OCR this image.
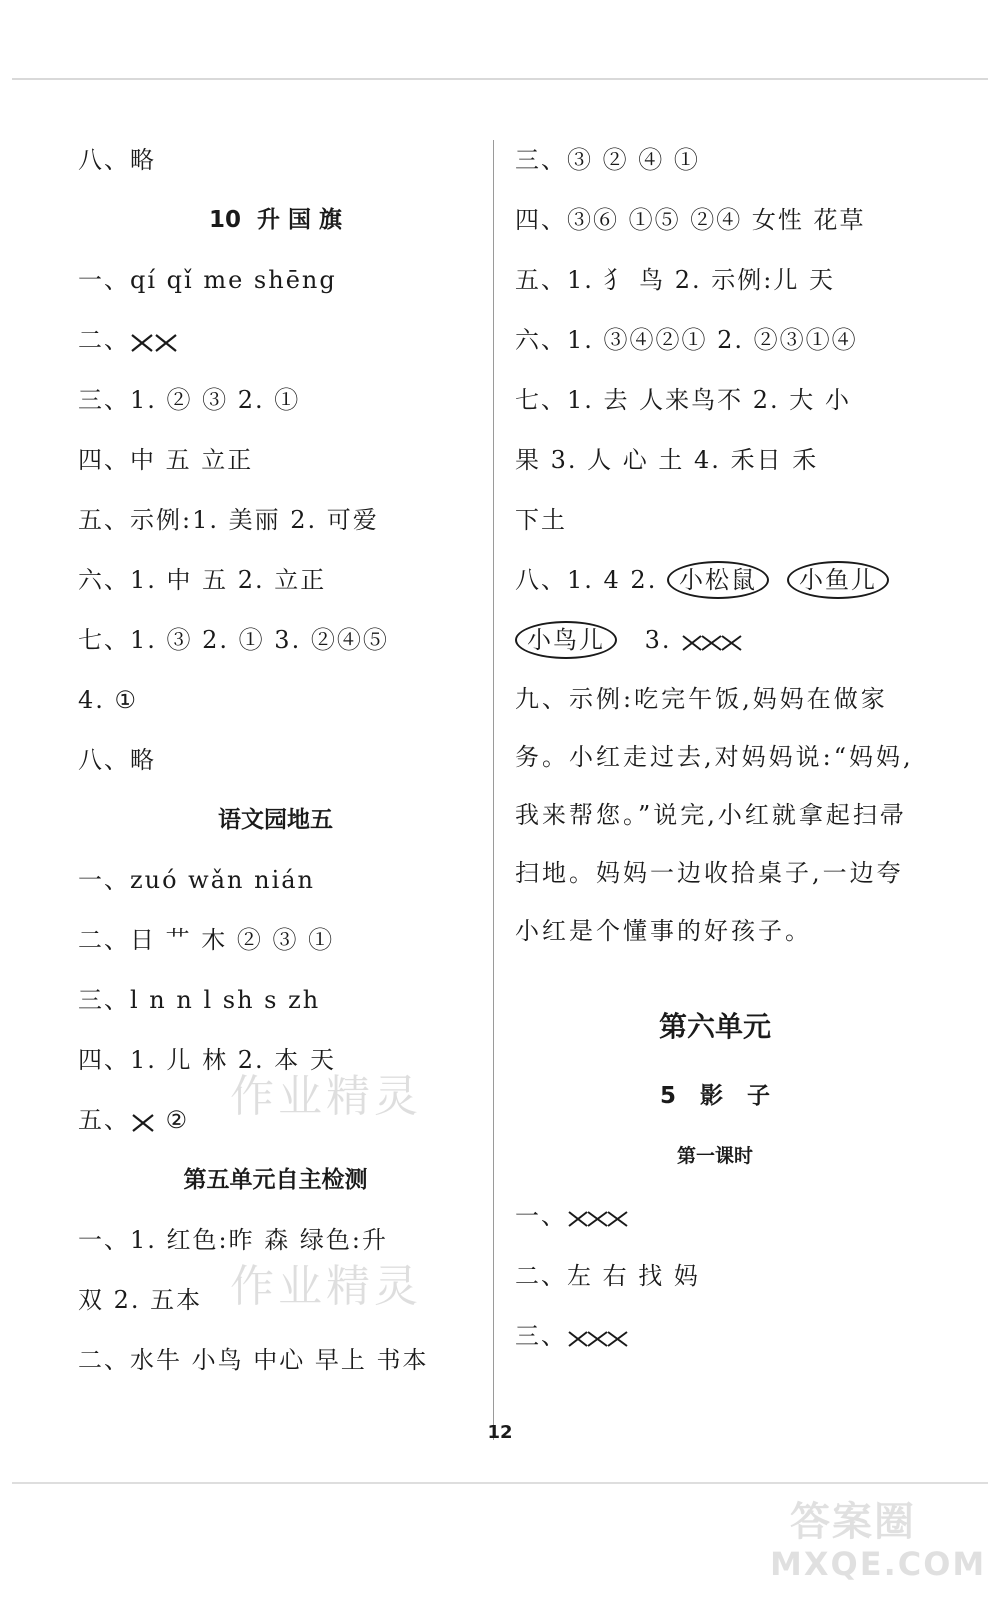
八、略
10  升 国 旗
一、qí qǐ me shēng
二、
三、1. ② ③ 2. ①
四、中 五 立正
五、示例:1. 美丽 2. 可爱
六、1. 中 五 2. 立正
七、1. ③ 2. ① 3. ②④⑤
4. ①
八、略
语文园地五
一、zuó wǎn nián
二、日 艹 木 ② ③ ①
三、l n n l sh s zh
四、1. 儿 林 2. 本 天
五、 ②
第五单元自主检测
一、1. 红色:昨 森 绿色:升
双 2. 五本
二、水牛 小鸟 中心 早上 书本
三、③ ② ④ ①
四、③⑥ ①⑤ ②④ 女性 花草
五、1. 犭 鸟 2. 示例:儿 天
六、1. ③④②① 2. ②③①④
七、1. 去 人来鸟不 2. 大 小
果 3. 人 心 土 4. 禾日 禾
下土
八、1. 4 2. 小松鼠 小鱼儿
小鸟儿 3.
九、示例:吃完午饭,妈妈在做家务。小红走过去,对妈妈说:“妈妈,我来帮您。”说完,小红就拿起扫帚扫地。妈妈一边收拾桌子,一边夸小红是个懂事的好孩子。
第六单元
5   影   子
第一课时
一、
二、左 右 找 妈
三、
12
作业精灵
作业精灵
答案圈
MXQE.COM
